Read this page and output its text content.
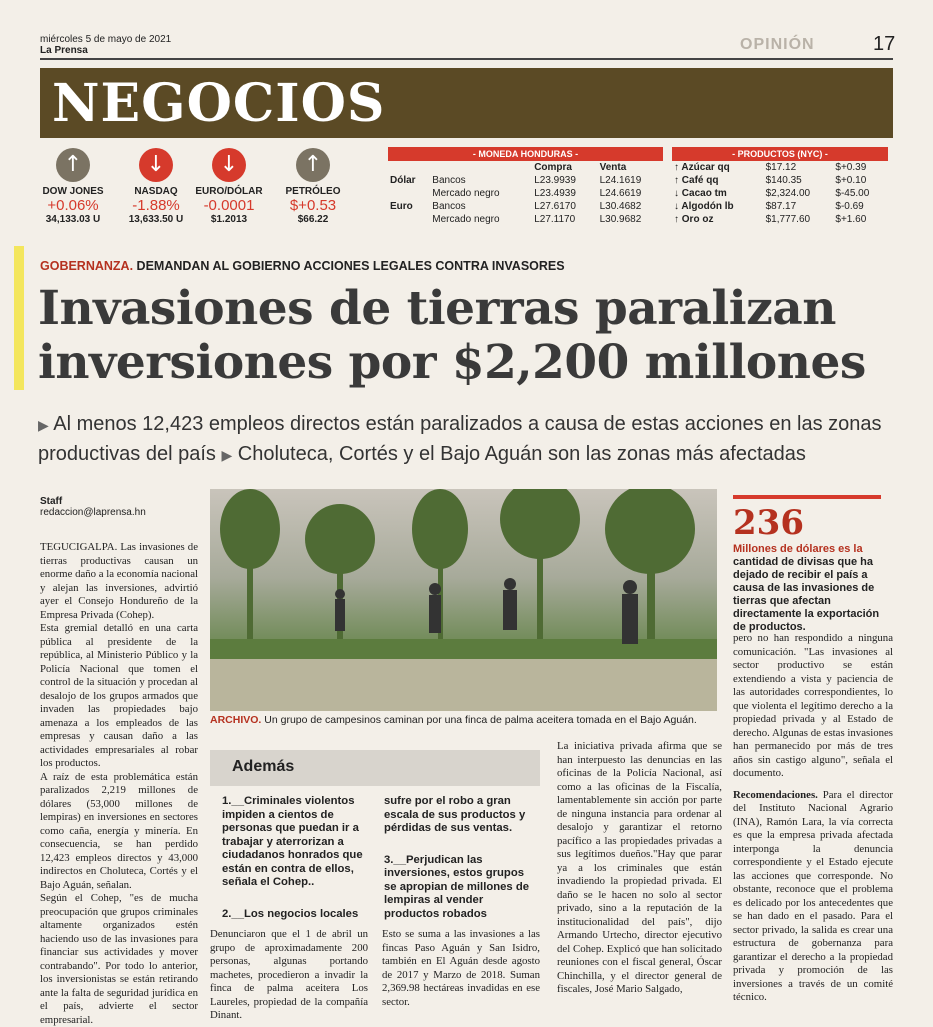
miércoles 5 de mayo de 2021
La Prensa	OPINIÓN	17
NEGOCIOS
↑
DOW JONES
+0.06%
34,133.03 U
↓
NASDAQ
-1.88%
13,633.50 U
↓
EURO/DÓLAR
-0.0001
$1.2013
↑
PETRÓLEO
$+0.53
$66.22
- MONEDA HONDURAS -
		Compra	Venta
Dólar	Bancos	L23.9939	L24.1619
	Mercado negro	L23.4939	L24.6619
Euro	Bancos	L27.6170	L30.4682
	Mercado negro	L27.1170	L30.9682
- PRODUCTOS (NYC) -
↑ Azúcar qq	$17.12	$+0.39
↑ Café qq	$140.35	$+0.10
↓ Cacao tm	$2,324.00	$-45.00
↓ Algodón lb	$87.17	$-0.69
↑ Oro oz	$1,777.60	$+1.60
GOBERNANZA. DEMANDAN AL GOBIERNO ACCIONES LEGALES CONTRA INVASORES
Invasiones de tierras paralizan
inversiones por $2,200 millones
▶ Al menos 12,423 empleos directos están paralizados a causa de estas acciones en las zonas productivas del país ▶ Choluteca, Cortés y el Bajo Aguán son las zonas más afectadas
Staff
redaccion@laprensa.hn

TEGUCIGALPA. Las invasiones de tierras productivas causan un enorme daño a la economía nacional y alejan las inversiones, advirtió ayer el Consejo Hondureño de la Empresa Privada (Cohep).

Esta gremial detalló en una carta pública al presidente de la república, al Ministerio Público y la Policía Nacional que tomen el control de la situación y procedan al desalojo de los grupos armados que invaden las propiedades bajo amenaza a los empleados de las empresas y causan daño a las actividades empresariales al robar los productos.

A raíz de esta problemática están paralizados 2,219 millones de dólares (53,000 millones de lempiras) en inversiones en sectores como caña, energía y minería. En consecuencia, se han perdido 12,423 empleos directos y 43,000 indirectos en Choluteca, Cortés y el Bajo Aguán, señalan.

Según el Cohep, "es de mucha preocupación que grupos criminales altamente organizados estén haciendo uso de las invasiones para financiar sus actividades y mover contrabando". Por todo lo anterior, los inversionistas se están retirando ante la falta de seguridad jurídica en el país, advierte el sector empresarial.

ARCHIVO. Un grupo de campesinos caminan por una finca de palma aceitera tomada en el Bajo Aguán.
Además
1.__Criminales violentos impiden a cientos de personas que puedan ir a trabajar y aterrorizan a ciudadanos honrados que están en contra de ellos, señala el Cohep..
2.__Los negocios locales
sufre por el robo a gran escala de sus productos y pérdidas de sus ventas.
3.__Perjudican las inversiones, estos grupos se apropian de millones de lempiras al vender productos robados

Denunciaron que el 1 de abril un grupo de aproximadamente 200 personas, algunas portando machetes, procedieron a invadir la finca de palma aceitera Los Laureles, propiedad de la compañía Dinant.

Esto se suma a las invasiones a las fincas Paso Aguán y San Isidro, también en El Aguán desde agosto de 2017 y Marzo de 2018. Suman 2,369.98 hectáreas invadidas en ese sector.

La iniciativa privada afirma que se han interpuesto las denuncias en las oficinas de la Policía Nacional, así como a las oficinas de la Fiscalía, lamentablemente sin acción por parte de ninguna instancia para ordenar al desalojo y garantizar el retorno pacífico a las propiedades privadas a sus legítimos dueños."Hay que parar ya a los criminales que están invadiendo la propiedad privada. El daño se le hacen no solo al sector privado, sino a la reputación de la institucionalidad del país", dijo Armando Urtecho, director ejecutivo del Cohep. Explicó que han solicitado reuniones con el fiscal general, Óscar Chinchilla, y el director general de fiscales, José Mario Salgado,

236
Millones de dólares es la cantidad de divisas que ha dejado de recibir el país a causa de las invasiones de tierras que afectan directamente la exportación de productos.

pero no han respondido a ninguna comunicación. "Las invasiones al sector productivo se están extendiendo a vista y paciencia de las autoridades correspondientes, lo que violenta el legítimo derecho a la propiedad privada y al Estado de derecho. Algunas de estas invasiones han permanecido por más de tres años sin castigo alguno", señala el documento.

Recomendaciones. Para el director del Instituto Nacional Agrario (INA), Ramón Lara, la vía correcta es que la empresa privada afectada interponga la denuncia correspondiente y el Estado ejecute las acciones que corresponde. No obstante, reconoce que el problema es delicado por los antecedentes que se han dado en el pasado. Para el sector privado, la salida es crear una estructura de gobernanza para garantizar el derecho a la propiedad privada y promoción de las inversiones a través de un comité técnico.
